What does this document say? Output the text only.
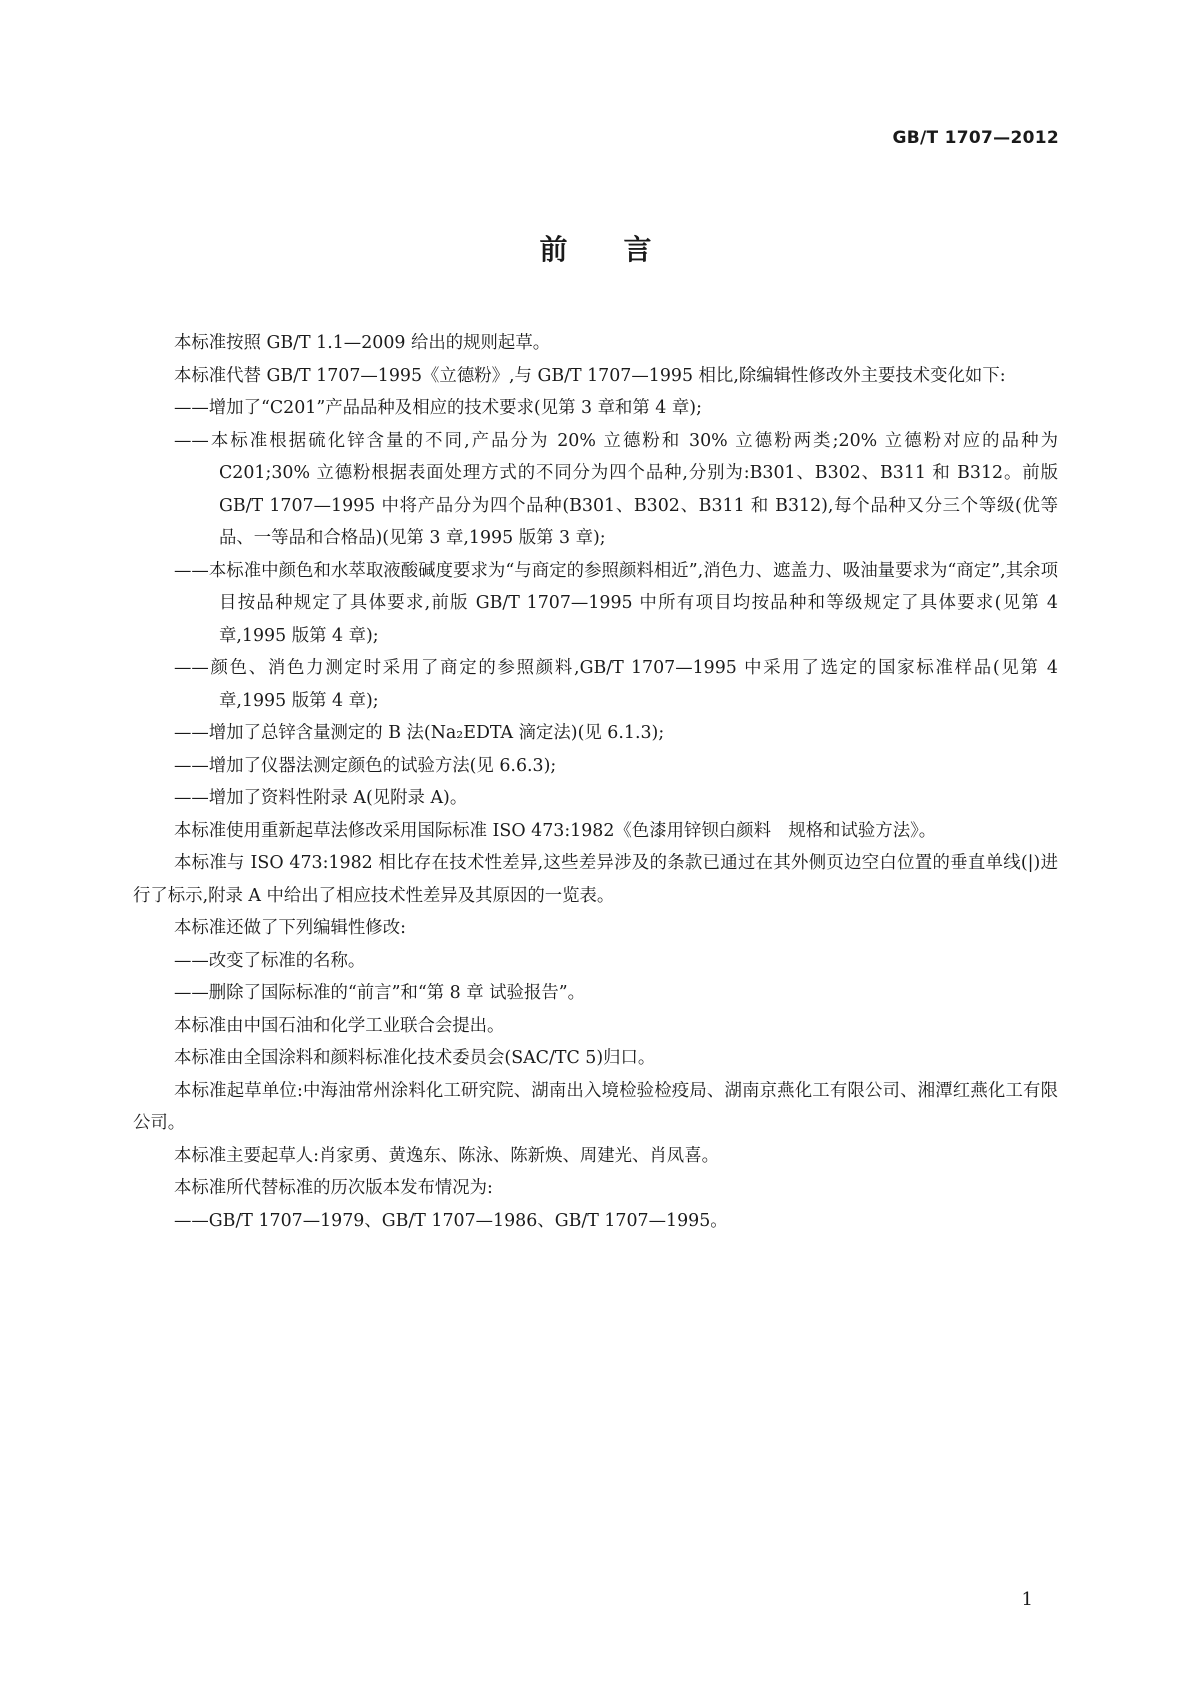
GB/T 1707—2012

前言

本标准按照 GB/T 1.1—2009 给出的规则起草。

本标准代替 GB/T 1707—1995《立德粉》,与 GB/T 1707—1995 相比,除编辑性修改外主要技术变化如下:

——增加了“C201”产品品种及相应的技术要求(见第 3 章和第 4 章);

——本标准根据硫化锌含量的不同,产品分为 20% 立德粉和 30% 立德粉两类;20% 立德粉对应的品种为 C201;30% 立德粉根据表面处理方式的不同分为四个品种,分别为:B301、B302、B311 和 B312。前版 GB/T 1707—1995 中将产品分为四个品种(B301、B302、B311 和 B312),每个品种又分三个等级(优等品、一等品和合格品)(见第 3 章,1995 版第 3 章);

——本标准中颜色和水萃取液酸碱度要求为“与商定的参照颜料相近”,消色力、遮盖力、吸油量要求为“商定”,其余项目按品种规定了具体要求,前版 GB/T 1707—1995 中所有项目均按品种和等级规定了具体要求(见第 4 章,1995 版第 4 章);

——颜色、消色力测定时采用了商定的参照颜料,GB/T 1707—1995 中采用了选定的国家标准样品(见第 4 章,1995 版第 4 章);

——增加了总锌含量测定的 B 法(Na₂EDTA 滴定法)(见 6.1.3);

——增加了仪器法测定颜色的试验方法(见 6.6.3);

——增加了资料性附录 A(见附录 A)。

本标准使用重新起草法修改采用国际标准 ISO 473:1982《色漆用锌钡白颜料　规格和试验方法》。

本标准与 ISO 473:1982 相比存在技术性差异,这些差异涉及的条款已通过在其外侧页边空白位置的垂直单线(|)进行了标示,附录 A 中给出了相应技术性差异及其原因的一览表。

本标准还做了下列编辑性修改:

——改变了标准的名称。

——删除了国际标准的“前言”和“第 8 章 试验报告”。

本标准由中国石油和化学工业联合会提出。

本标准由全国涂料和颜料标准化技术委员会(SAC/TC 5)归口。

本标准起草单位:中海油常州涂料化工研究院、湖南出入境检验检疫局、湖南京燕化工有限公司、湘潭红燕化工有限公司。

本标准主要起草人:肖家勇、黄逸东、陈泳、陈新焕、周建光、肖凤喜。

本标准所代替标准的历次版本发布情况为:

——GB/T 1707—1979、GB/T 1707—1986、GB/T 1707—1995。

1
